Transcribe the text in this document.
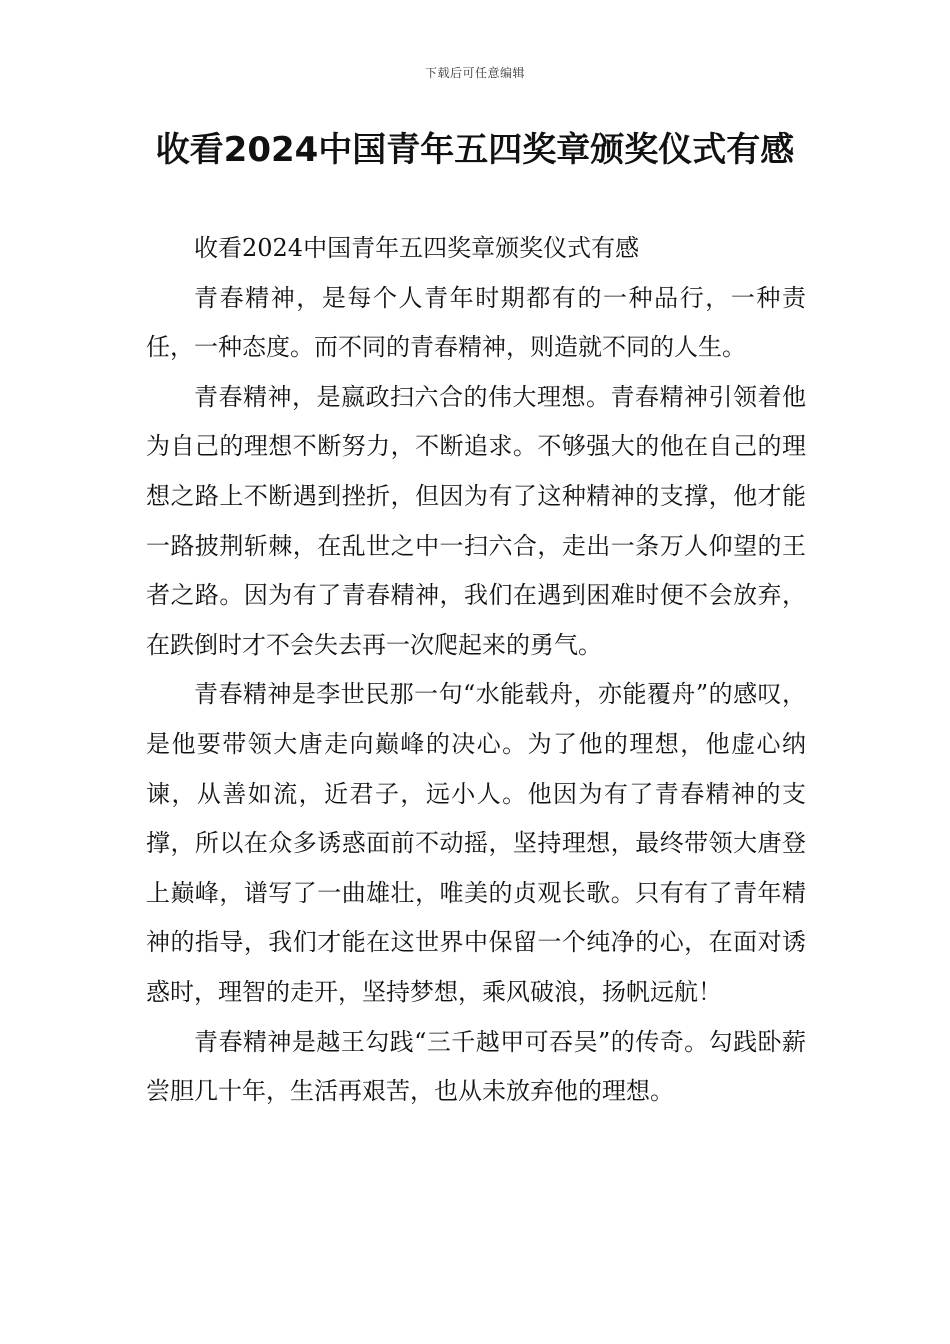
下载后可任意编辑
收看2024中国青年五四奖章颁奖仪式有感

收看2024中国青年五四奖章颁奖仪式有感

青春精神，是每个人青年时期都有的一种品行，一种责任，一种态度。而不同的青春精神，则造就不同的人生。

青春精神，是嬴政扫六合的伟大理想。青春精神引领着他为自己的理想不断努力，不断追求。不够强大的他在自己的理想之路上不断遇到挫折，但因为有了这种精神的支撑，他才能一路披荆斩棘，在乱世之中一扫六合，走出一条万人仰望的王者之路。因为有了青春精神，我们在遇到困难时便不会放弃，在跌倒时才不会失去再一次爬起来的勇气。

青春精神是李世民那一句“水能载舟，亦能覆舟”的感叹，是他要带领大唐走向巅峰的决心。为了他的理想，他虚心纳谏，从善如流，近君子，远小人。他因为有了青春精神的支撑，所以在众多诱惑面前不动摇，坚持理想，最终带领大唐登上巅峰，谱写了一曲雄壮，唯美的贞观长歌。只有有了青年精神的指导，我们才能在这世界中保留一个纯净的心，在面对诱惑时，理智的走开，坚持梦想，乘风破浪，扬帆远航！

青春精神是越王勾践“三千越甲可吞吴”的传奇。勾践卧薪尝胆几十年，生活再艰苦，也从未放弃他的理想。
